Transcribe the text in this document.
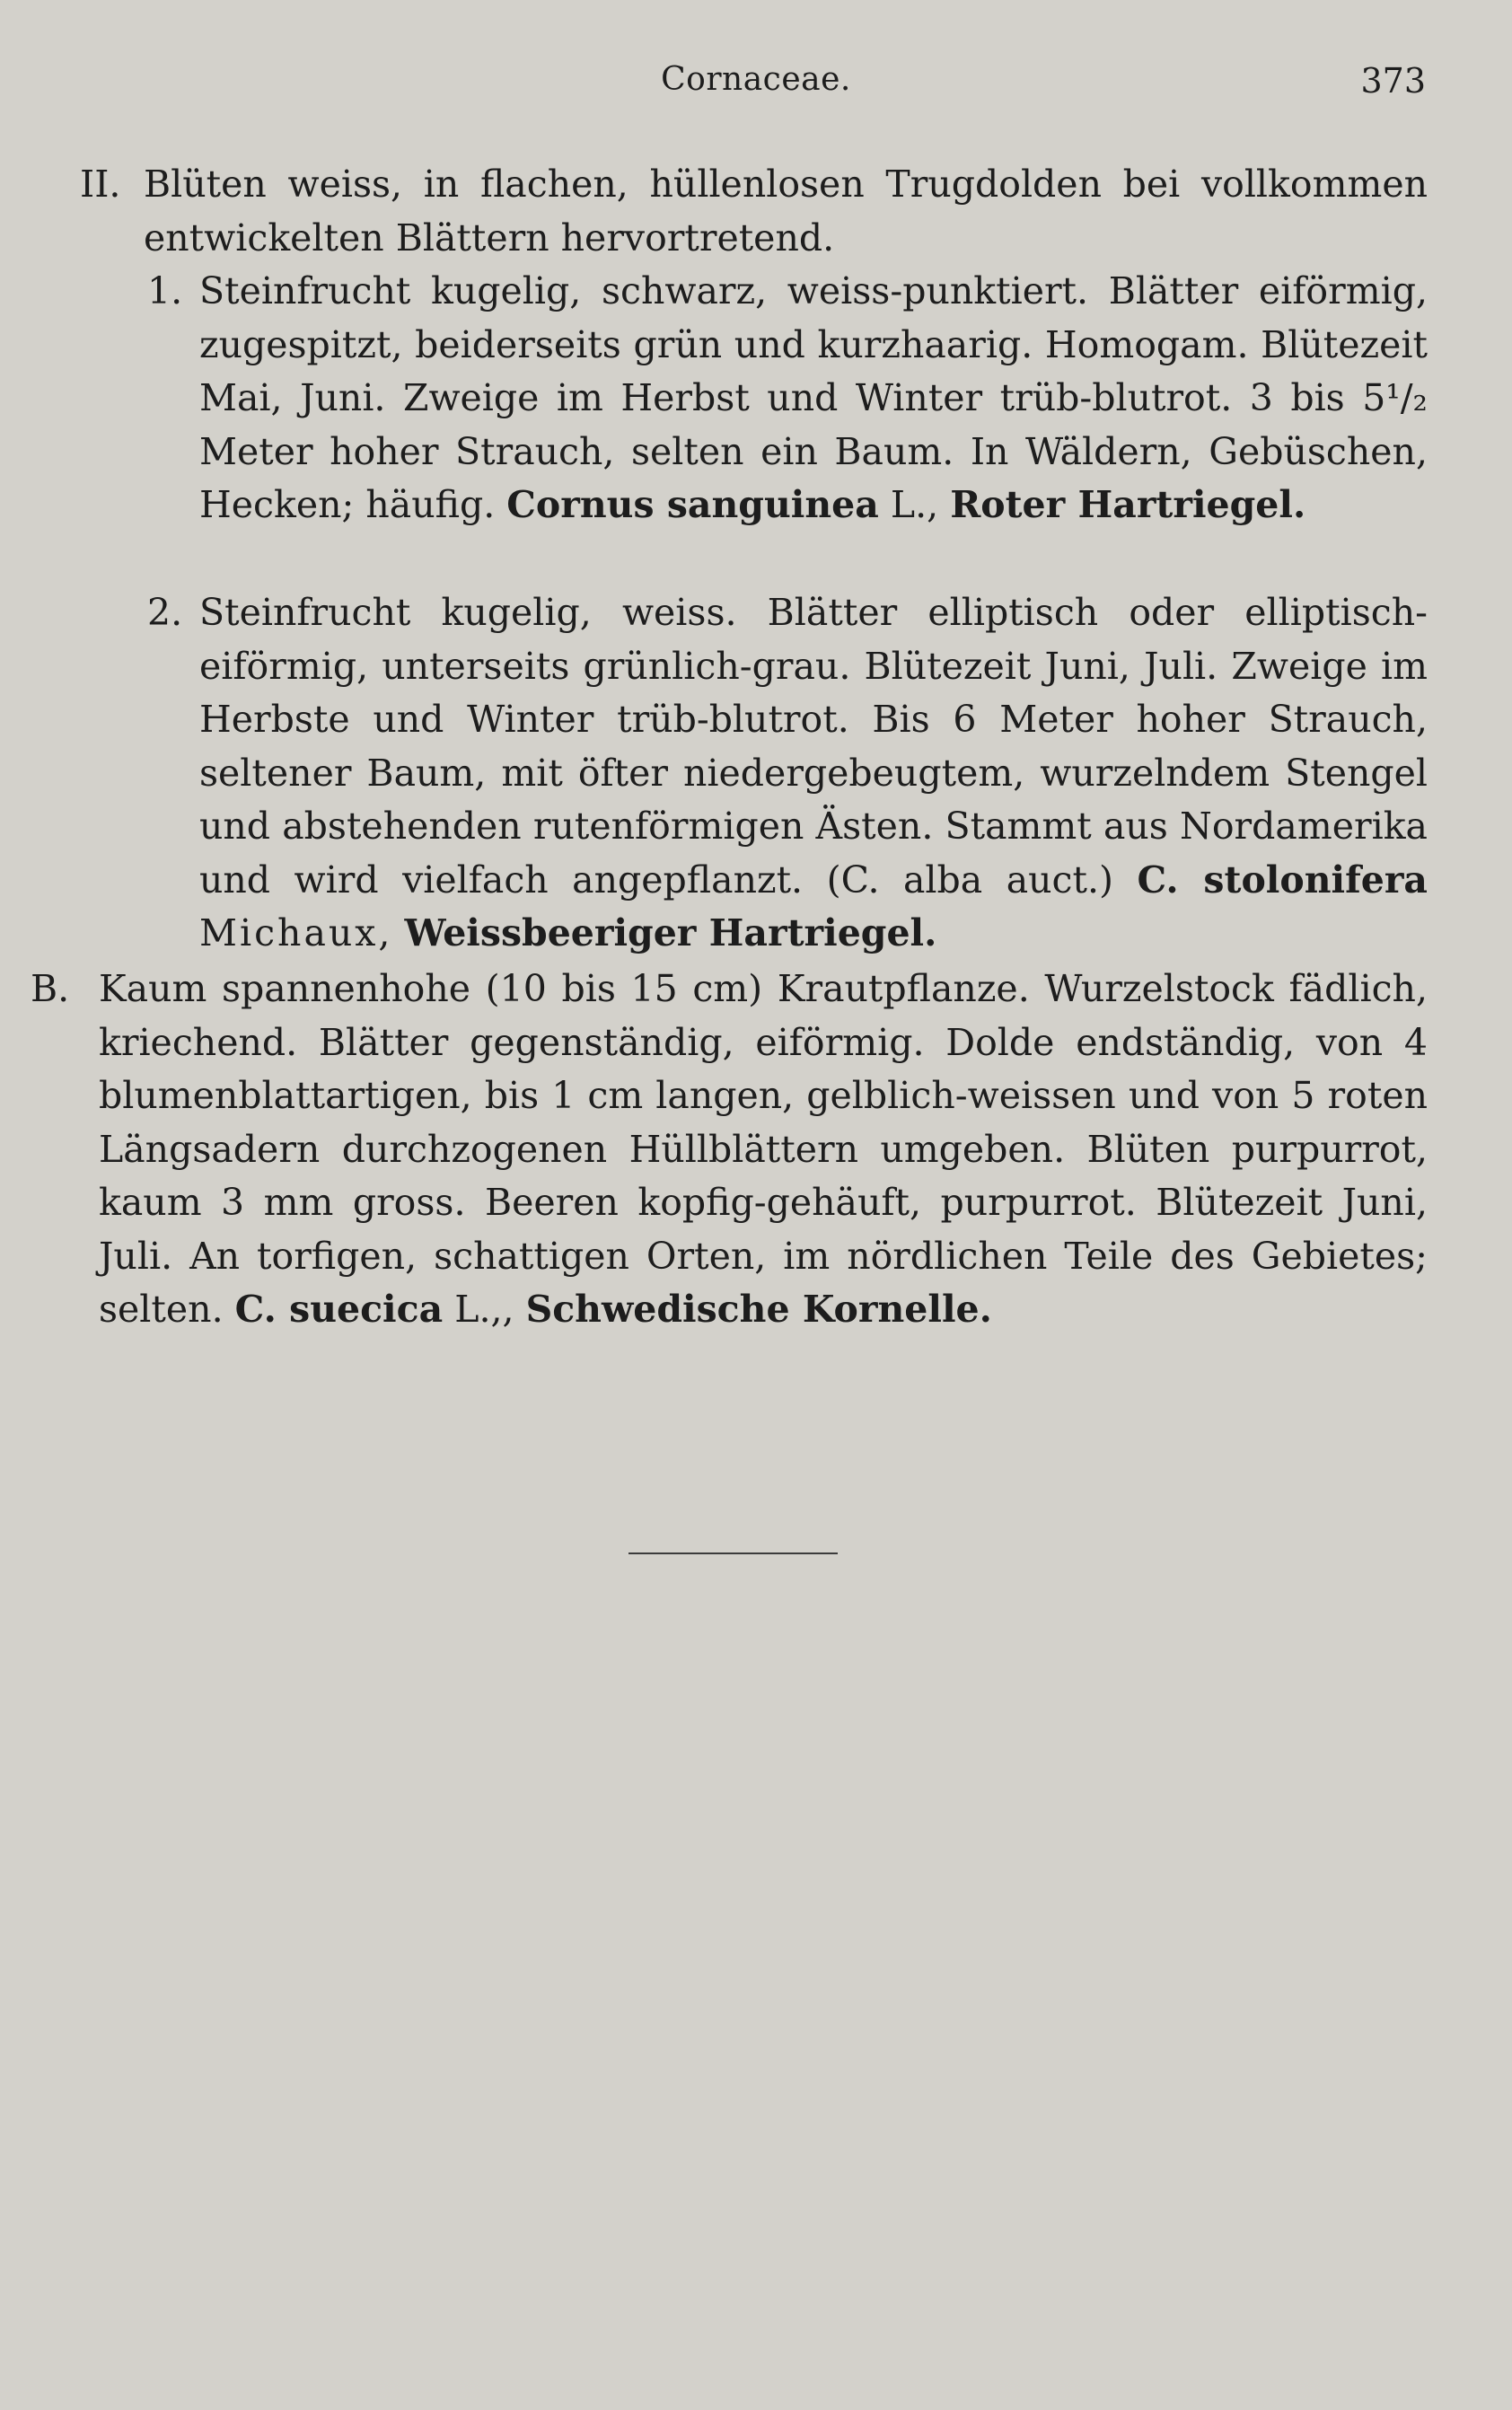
Cornaceae.	373
II. Blüten weiss, in flachen, hüllenlosen Trugdolden bei vollkommen entwickelten Blättern hervortretend.
1. Steinfrucht kugelig, schwarz, weiss-punktiert. Blätter eiförmig, zugespitzt, beiderseits grün und kurzhaarig. Homogam. Blütezeit Mai, Juni. Zweige im Herbst und Winter trüb-blutrot. 3 bis 5¹/₂ Meter hoher Strauch, selten ein Baum. In Wäldern, Gebüschen, Hecken; häufig. Cornus sanguinea L., Roter Hartriegel.
2. Steinfrucht kugelig, weiss. Blätter elliptisch oder elliptisch-eiförmig, unterseits grünlich-grau. Blütezeit Juni, Juli. Zweige im Herbste und Winter trüb-blutrot. Bis 6 Meter hoher Strauch, seltener Baum, mit öfter niedergebeugtem, wurzelndem Stengel und abstehenden rutenförmigen Ästen. Stammt aus Nordamerika und wird vielfach angepflanzt. (C. alba auct.) C. stolonifera Michaux, Weissbeeriger Hartriegel.
B. Kaum spannenhohe (10 bis 15 cm) Krautpflanze. Wurzelstock fädlich, kriechend. Blätter gegenständig, eiförmig. Dolde endständig, von 4 blumenblattartigen, bis 1 cm langen, gelblich-weissen und von 5 roten Längsadern durchzogenen Hüllblättern umgeben. Blüten purpurrot, kaum 3 mm gross. Beeren kopfig-gehäuft, purpurrot. Blütezeit Juni, Juli. An torfigen, schattigen Orten, im nördlichen Teile des Gebietes; selten. C. suecica L.,, Schwedische Kornelle.
